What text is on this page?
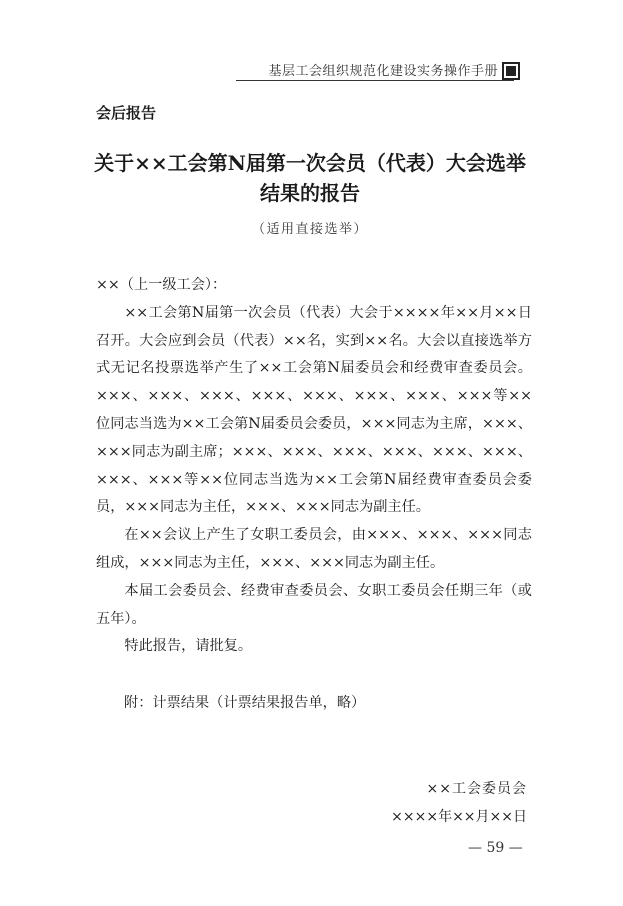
基层工会组织规范化建设实务操作手册
会后报告
关于××工会第N届第一次会员（代表）大会选举
结果的报告
（适用直接选举）

××（上一级工会）：

××工会第N届第一次会员（代表）大会于××××年××月××日召开。大会应到会员（代表）××名，实到××名。大会以直接选举方式无记名投票选举产生了××工会第N届委员会和经费审查委员会。×××、×××、×××、×××、×××、×××、×××、×××等××位同志当选为××工会第N届委员会委员，×××同志为主席，×××、×××同志为副主席；×××、×××、×××、×××、×××、×××、×××、×××等××位同志当选为××工会第N届经费审查委员会委员，×××同志为主任，×××、×××同志为副主任。

在××会议上产生了女职工委员会，由×××、×××、×××同志组成，×××同志为主任，×××、×××同志为副主任。

本届工会委员会、经费审查委员会、女职工委员会任期三年（或五年）。

特此报告，请批复。

附：计票结果（计票结果报告单，略）
××工会委员会
××××年××月××日
— 59 —
